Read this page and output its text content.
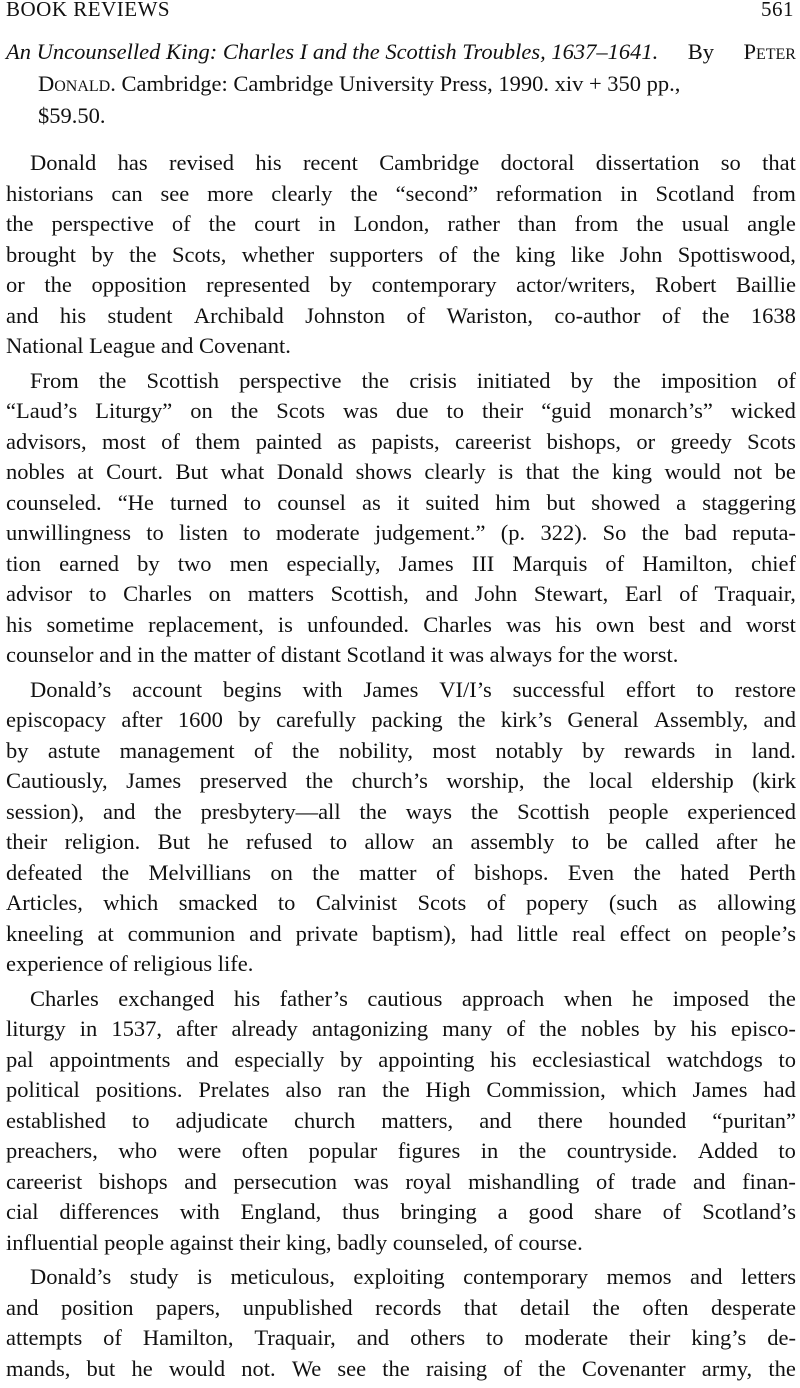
BOOK REVIEWS	561
An Uncounselled King: Charles I and the Scottish Troubles, 1637–1641. By Peter
Donald. Cambridge: Cambridge University Press, 1990. xiv + 350 pp.,
$59.50.
Donald has revised his recent Cambridge doctoral dissertation so that
historians can see more clearly the “second” reformation in Scotland from
the perspective of the court in London, rather than from the usual angle
brought by the Scots, whether supporters of the king like John Spottiswood,
or the opposition represented by contemporary actor/writers, Robert Baillie
and his student Archibald Johnston of Wariston, co-author of the 1638
National League and Covenant.
From the Scottish perspective the crisis initiated by the imposition of
“Laud’s Liturgy” on the Scots was due to their “guid monarch’s” wicked
advisors, most of them painted as papists, careerist bishops, or greedy Scots
nobles at Court. But what Donald shows clearly is that the king would not be
counseled. “He turned to counsel as it suited him but showed a staggering
unwillingness to listen to moderate judgement.” (p. 322). So the bad reputa-
tion earned by two men especially, James III Marquis of Hamilton, chief
advisor to Charles on matters Scottish, and John Stewart, Earl of Traquair,
his sometime replacement, is unfounded. Charles was his own best and worst
counselor and in the matter of distant Scotland it was always for the worst.
Donald’s account begins with James VI/I’s successful effort to restore
episcopacy after 1600 by carefully packing the kirk’s General Assembly, and
by astute management of the nobility, most notably by rewards in land.
Cautiously, James preserved the church’s worship, the local eldership (kirk
session), and the presbytery—all the ways the Scottish people experienced
their religion. But he refused to allow an assembly to be called after he
defeated the Melvillians on the matter of bishops. Even the hated Perth
Articles, which smacked to Calvinist Scots of popery (such as allowing
kneeling at communion and private baptism), had little real effect on people’s
experience of religious life.
Charles exchanged his father’s cautious approach when he imposed the
liturgy in 1537, after already antagonizing many of the nobles by his episco-
pal appointments and especially by appointing his ecclesiastical watchdogs to
political positions. Prelates also ran the High Commission, which James had
established to adjudicate church matters, and there hounded “puritan”
preachers, who were often popular figures in the countryside. Added to
careerist bishops and persecution was royal mishandling of trade and finan-
cial differences with England, thus bringing a good share of Scotland’s
influential people against their king, badly counseled, of course.
Donald’s study is meticulous, exploiting contemporary memos and letters
and position papers, unpublished records that detail the often desperate
attempts of Hamilton, Traquair, and others to moderate their king’s de-
mands, but he would not. We see the raising of the Covenanter army, the
